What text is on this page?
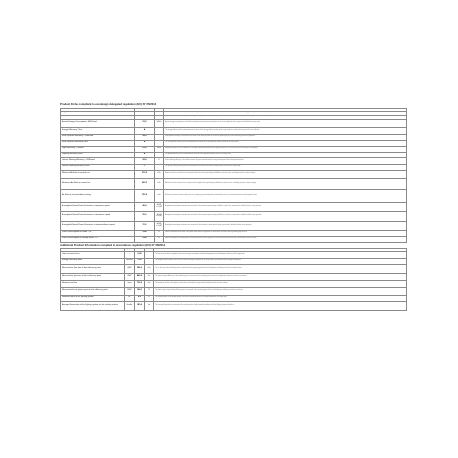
Product Fiche compliant to ecodesign delegated regulation (EU) N° 65/2014
	Value	Unit	EU65 / 14 OW MOD 2018
Supplier's name or trade mark	ÆPLUS		The information in this fiche complies with the delegated regulation and provides the consumer with the data required for the energy labelling of household range hoods.
Model identifier	AHBD3103W		The model identifier is the code by which the specific range hood model is distinguished from other models of the same trade mark or supplier's name.
Annual Energy Consumption - AEChood	53,2	kWh/a	Annual energy consumption is calculated according to the measurement methods set out in the regulation and is expressed in kilowatt hours per year.
Energy Efficiency Class	A		The energy efficiency class is determined on the basis of the energy efficiency index of the range hood on a scale from the most to the least efficient.
Fluid Dynamic Efficiency - FDEhood	28,8		Fluid dynamic efficiency is calculated as the ratio of the useful air power to the electric power input at the best efficiency point of the appliance.
Fluid Dynamic Efficiency class	A		The fluid dynamic efficiency class is determined on the basis of the fluid dynamic efficiency value of the range hood.
Light Efficiency - LEhood	61,8	lux/W	Lighting efficiency is the ratio between the average illumination provided by the lighting system on the cooking surface and its power consumption.
Lighting Efficiency class	A		The lighting efficiency class is determined on the basis of the lighting efficiency value of the range hood.
Grease Filtering Efficiency - GFEhood	82,8	%	Grease filtering efficiency is the relative amount of grease retained within the range hood grease filters during measurement.
Grease Filtering Efficiency class	C		The grease filtering efficiency class is determined on the basis of the grease filtering efficiency value of the range hood.
Minimum Air-Flow at normal use	215,0	m³/h	Minimum air flow at normal use is measured at the lowest fan speed setting available for continuous use, excluding intensive or boost settings.
Maximum Air-Flow at normal use	609,3	m³/h	Maximum air flow at normal use is measured at the highest fan speed setting available for continuous use, excluding intensive or boost settings.
Air Flow at intensive/boost setting	725,0	m³/h	Air flow at intensive or boost setting refers to a temporary speed setting that automatically reverts to a normal speed after a limited period of time.
A-weighted Sound Power Emissions at minimum speed	46,4	dB (A) re 1 pW	A-weighted sound power emissions are measured at the minimum speed setting available in normal use, expressed in decibels relative to one picowatt.
A-weighted Sound Power Emissions at maximum speed	55,0	dB (A) re 1 pW	A-weighted sound power emissions are measured at the maximum speed setting available in normal use, expressed in decibels relative to one picowatt.
A-weighted Sound Power Emissions at intensive/boost speed	70,0	dB (A) re 1 pW	A-weighted sound power emissions are measured at the intensive or boost speed setting, expressed in decibels relative to one picowatt.
Power consumption off mode - Po	0,49	W	Power consumption in off mode is the power drawn when the appliance is connected to the mains and not providing any function.
Power consumption in standby mode - Ps	0,49	W	Power consumption in standby mode is the power drawn when the appliance is connected to the mains and only a reactivation function is active.
Additional Product Information compiled in accordance regulation (EU) N° 66/2014
	Symbol	Value	Unit	
Time increase factor	f	0,80		The time increase factor is applied to the annual energy consumption calculation depending on the fluid dynamic efficiency of the range hood.
Energy Efficiency Index	EEIhood	51,8		The energy efficiency index is the ratio of the annual energy consumption of the range hood to its standard annual energy consumption.
Measured air flow rate at best efficiency point	QBEP	345,3	m³/h	The air flow rate at best efficiency point is measured at the operating point where the fluid dynamic efficiency reaches its maximum value.
Measured air pressure at best efficiency point	PBEP	445,0	Pa	The static pressure difference at best efficiency point is measured at the operating point where the fluid dynamic efficiency reaches its maximum.
Maximum air flow	Qmax	725,0	m³/h	The maximum air flow is the highest air flow value reached by the range hood including intensive or boost settings.
Measured electric power input at best efficiency point	WBEP	148,1	W	The electric power input at best efficiency point is measured at the operating point where the fluid dynamic efficiency reaches its maximum.
Nominal power of the lighting system	WL	4,0	W	The nominal power of the lighting system is the electric power declared for the lamps installed on the range hood.
Average illumination of the lighting system on the cooking surface	Emiddle	189,0	lux	The average illumination is measured on the cooking surface under standard conditions with the lighting system switched on.
